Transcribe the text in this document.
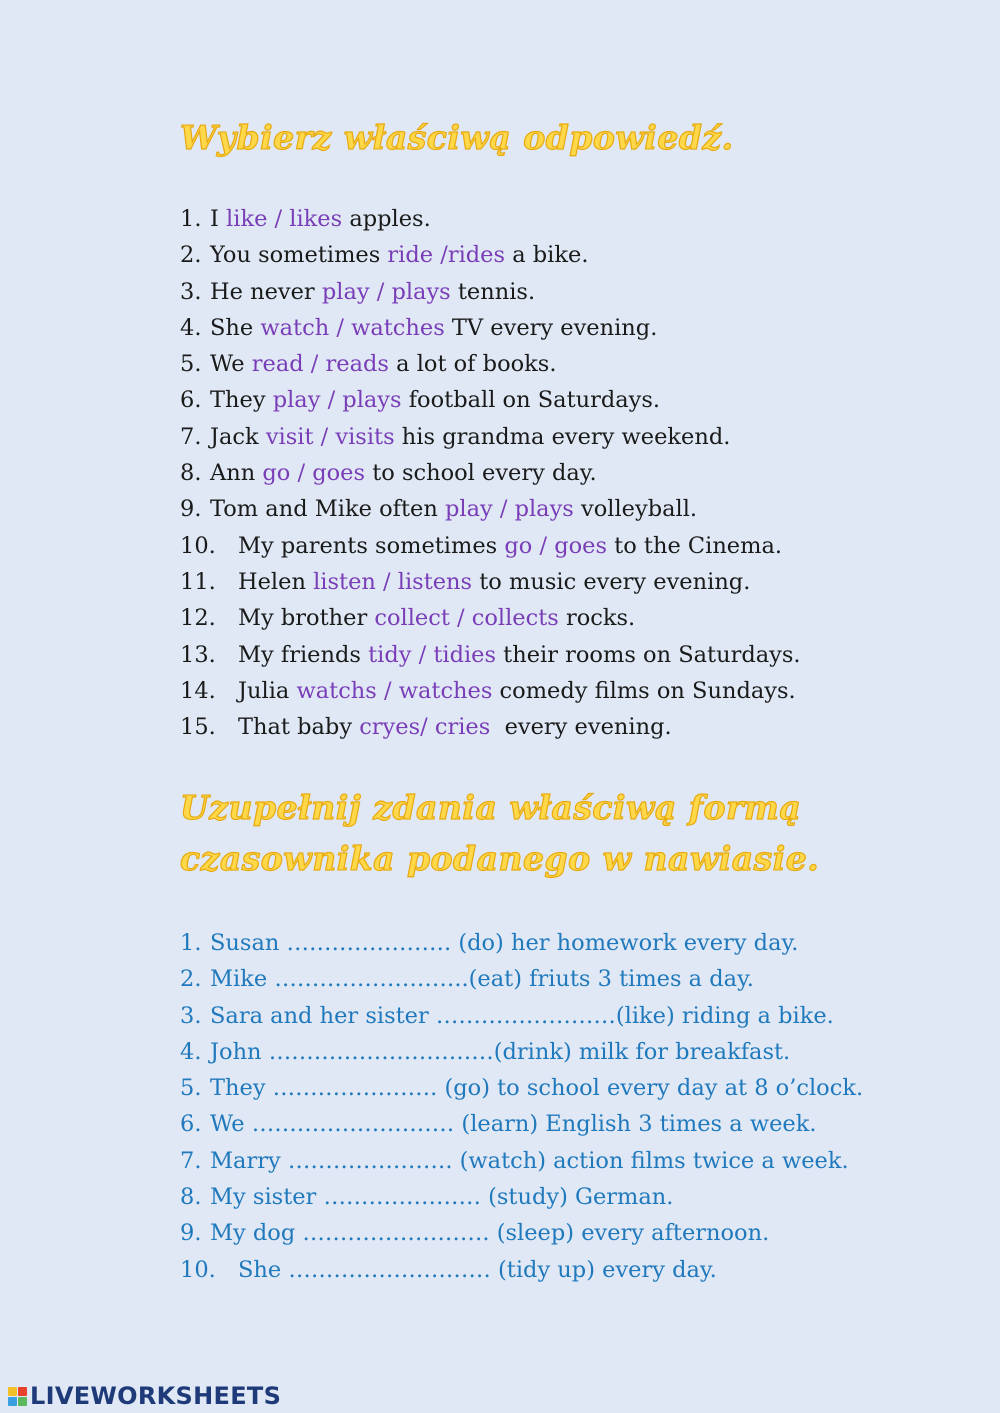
Wybierz właściwą odpowiedź.
1. I like / likes apples.
2. You sometimes ride /rides a bike.
3. He never play / plays tennis.
4. She watch / watches TV every evening.
5. We read / reads a lot of books.
6. They play / plays football on Saturdays.
7. Jack visit / visits his grandma every weekend.
8. Ann go / goes to school every day.
9. Tom and Mike often play / plays volleyball.
10. My parents sometimes go / goes to the Cinema.
11. Helen listen / listens to music every evening.
12. My brother collect / collects rocks.
13. My friends tidy / tidies their rooms on Saturdays.
14. Julia watchs / watches comedy films on Sundays.
15. That baby cryes/ cries  every evening.
Uzupełnij zdania właściwą formą
czasownika podanego w nawiasie.
1. Susan …………………. (do) her homework every day.
2. Mike ……………………..(eat) friuts 3 times a day.
3. Sara and her sister ……………………(like) riding a bike.
4. John …………………………(drink) milk for breakfast.
5. They …………………. (go) to school every day at 8 o’clock.
6. We ……………………… (learn) English 3 times a week.
7. Marry …………………. (watch) action films twice a week.
8. My sister ………………… (study) German.
9. My dog ……………………. (sleep) every afternoon.
10. She ……………………… (tidy up) every day.
LIVEWORKSHEETS
